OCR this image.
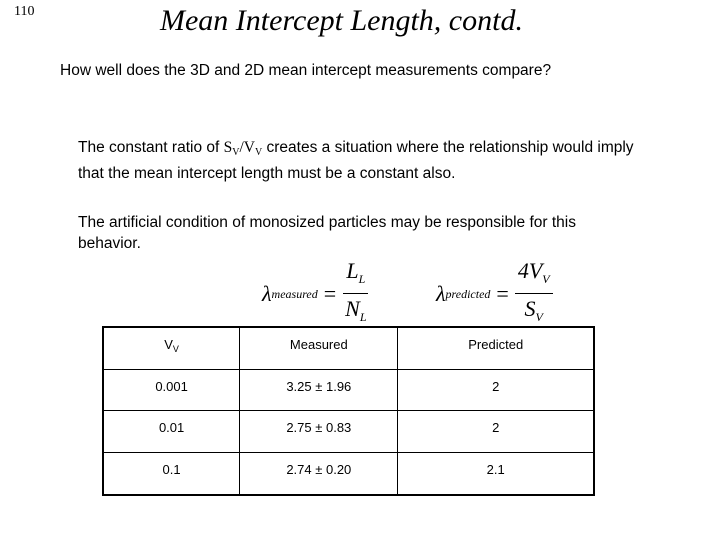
110	Mean Intercept Length, contd.
How well does the 3D and 2D mean intercept measurements compare?
The constant ratio of $S_V/V_V$ creates a situation where the relationship would imply that the mean intercept length must be a constant also.
The artificial condition of monosized particles may be responsible for this behavior.
λ measured = $\frac{L_L}{N_L}$	λ predicted = $\frac{4V_V}{S_V}$
$V_V$	Measured	Predicted
0.001	3.25 ± 1.96	2
0.01	2.75 ± 0.83	2
0.1	2.74 ± 0.20	2.1
